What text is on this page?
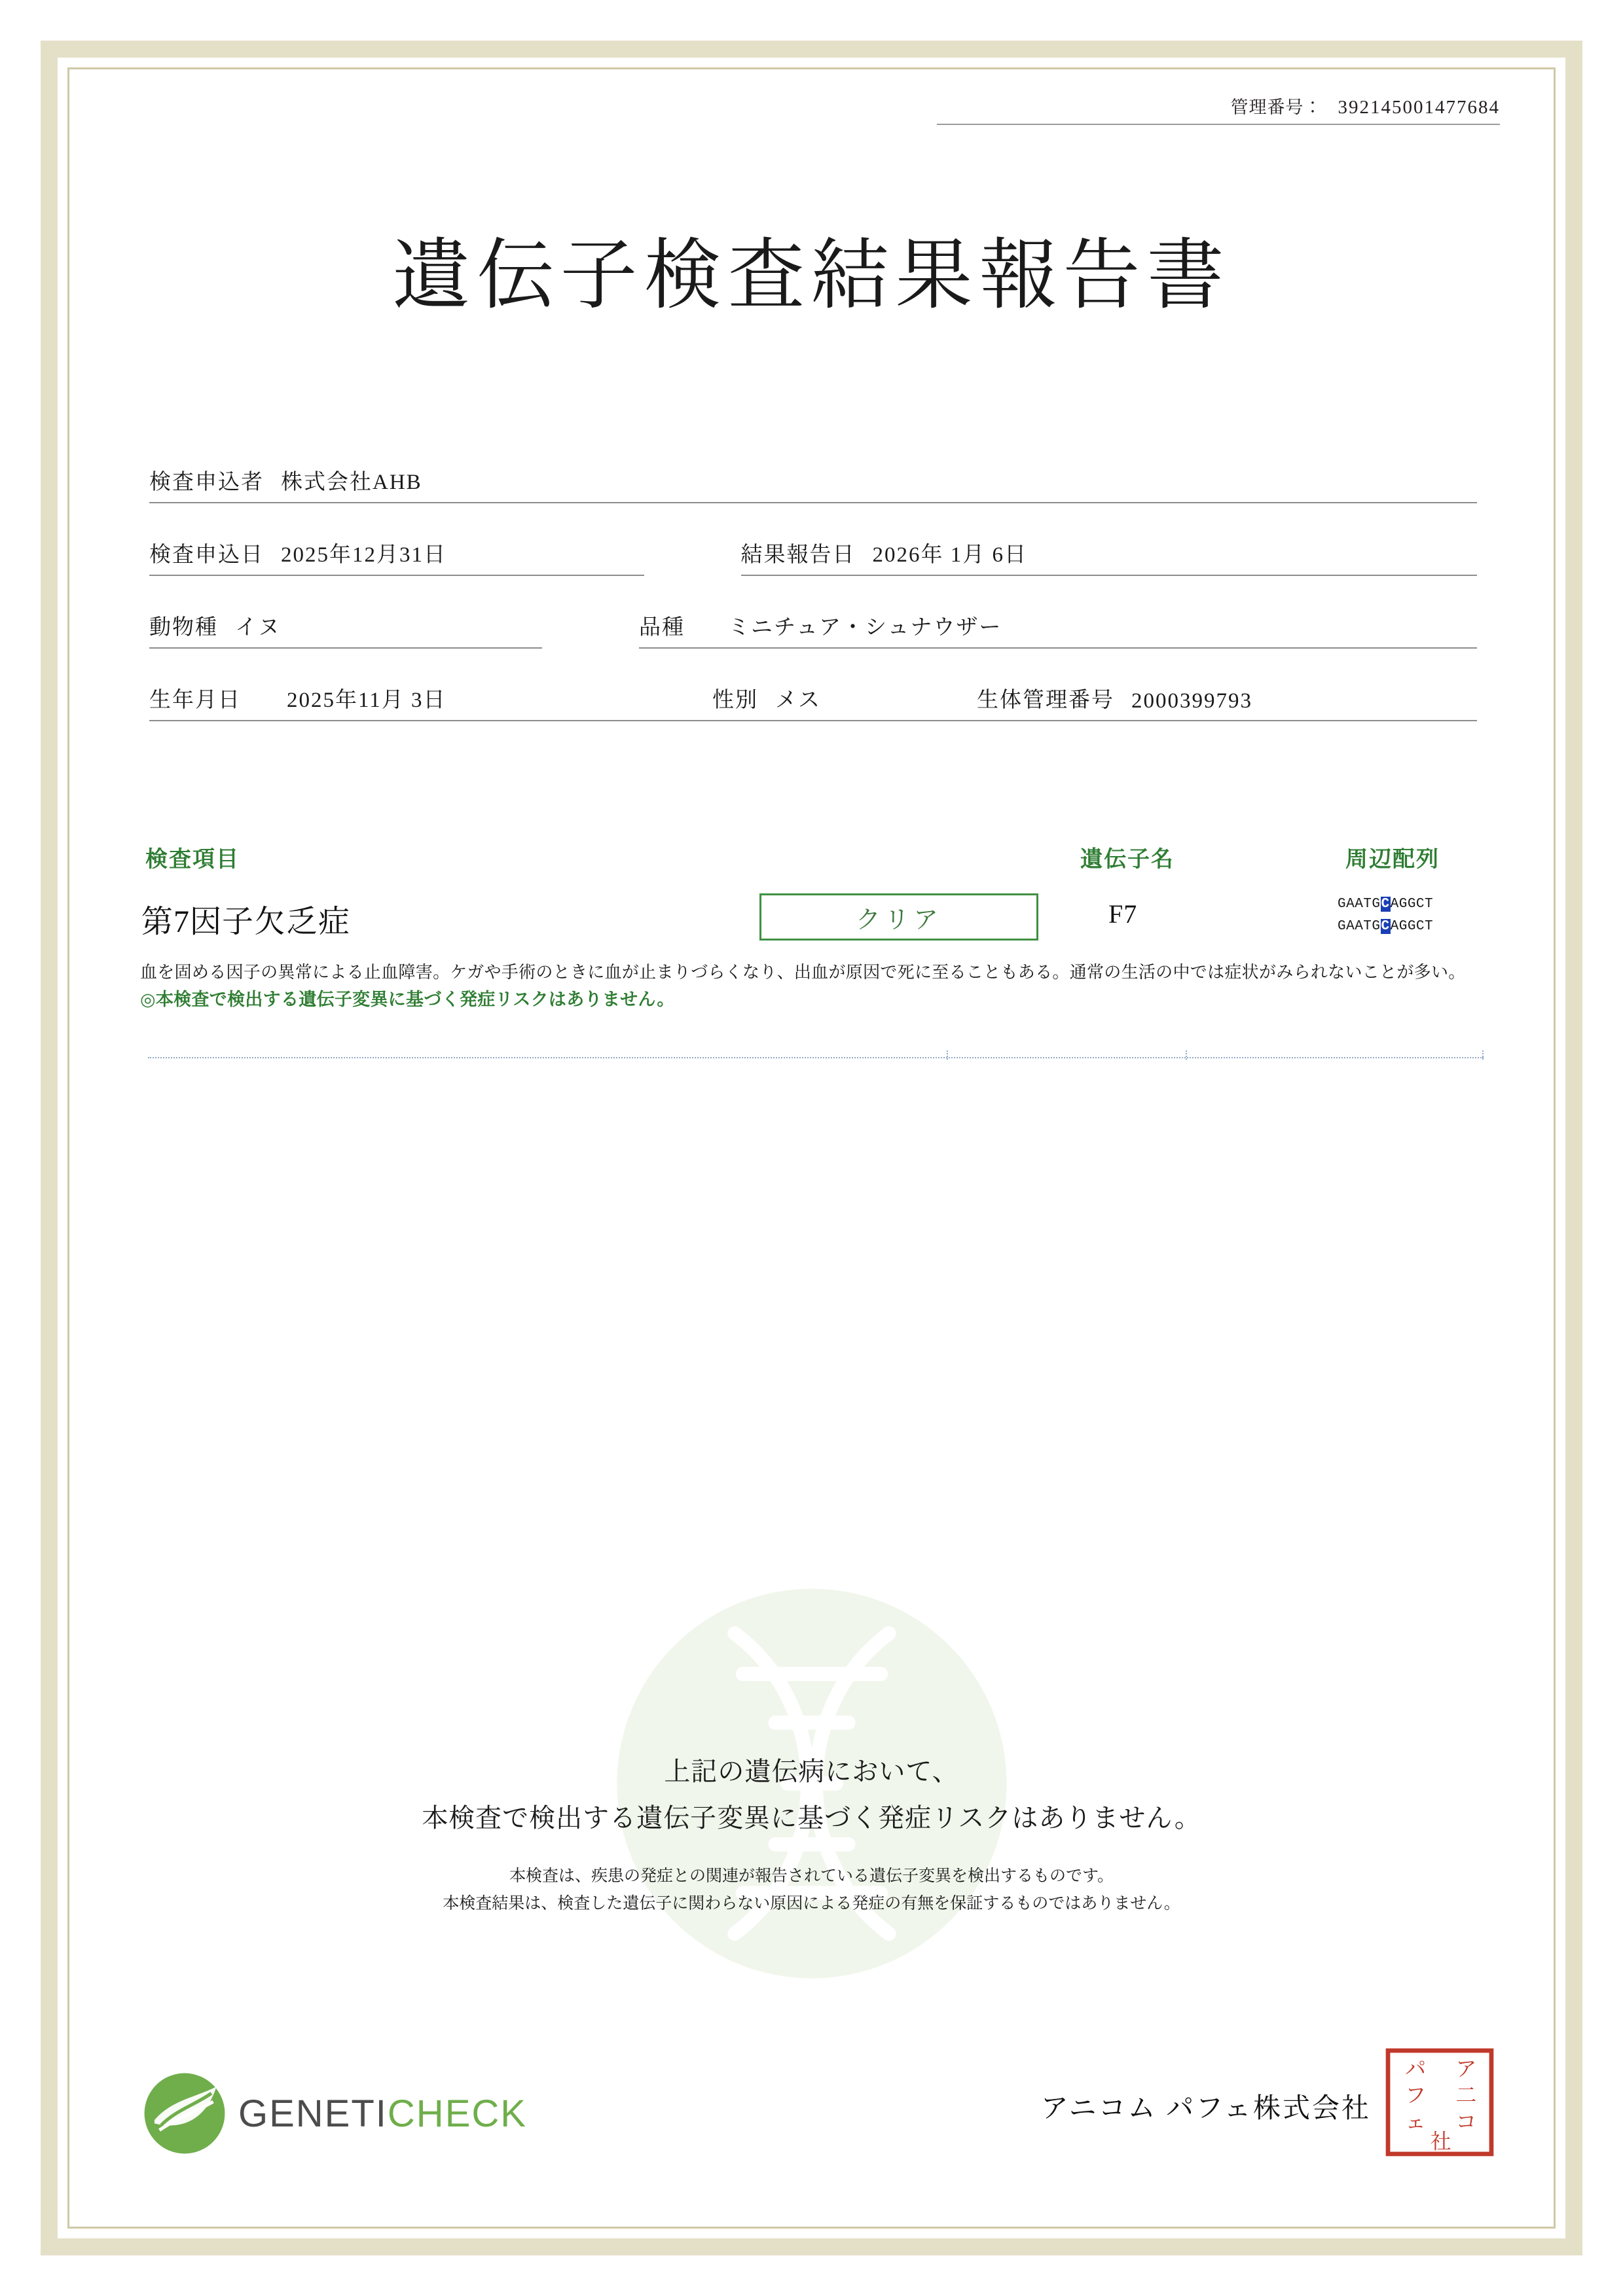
管理番号： 392145001477684
遺伝子検査結果報告書
検査申込者 株式会社AHB
検査申込日 2025年12月31日	結果報告日 2026年 1月 6日
動物種 イヌ	品種 ミニチュア・シュナウザー
生年月日 2025年11月 3日	性別 メス	生体管理番号 2000399793
検査項目	遺伝子名	周辺配列
第7因子欠乏症	クリア	F7	GAATGCAGGCT
GAATGCAGGCT
血を固める因子の異常による止血障害。ケガや手術のときに血が止まりづらくなり、出血が原因で死に至ることもある。通常の生活の中では症状がみられないことが多い。
◎本検査で検出する遺伝子変異に基づく発症リスクはありません。
上記の遺伝病において、
本検査で検出する遺伝子変異に基づく発症リスクはありません。
本検査は、疾患の発症との関連が報告されている遺伝子変異を検出するものです。
本検査結果は、検査した遺伝子に関わらない原因による発症の有無を保証するものではありません。
GENETICHECK	アニコム パフェ株式会社
ア
二
コ
パ
フ
ェ
社
